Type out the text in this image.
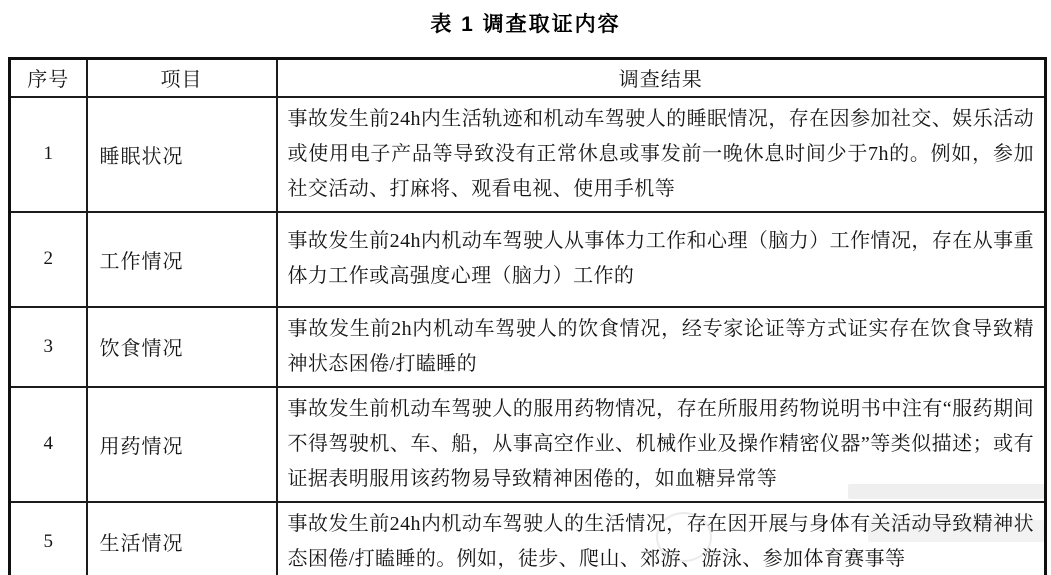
表 1 调查取证内容
序号	项目	调查结果
1	睡眠状况	事故发生前24h内生活轨迹和机动车驾驶人的睡眠情况，存在因参加社交、娱乐活动或使用电子产品等导致没有正常休息或事发前一晚休息时间少于7h的。例如，参加社交活动、打麻将、观看电视、使用手机等
2	工作情况	事故发生前24h内机动车驾驶人从事体力工作和心理（脑力）工作情况，存在从事重体力工作或高强度心理（脑力）工作的
3	饮食情况	事故发生前2h内机动车驾驶人的饮食情况，经专家论证等方式证实存在饮食导致精神状态困倦/打瞌睡的
4	用药情况	事故发生前机动车驾驶人的服用药物情况，存在所服用药物说明书中注有“服药期间不得驾驶机、车、船，从事高空作业、机械作业及操作精密仪器”等类似描述；或有证据表明服用该药物易导致精神困倦的，如血糖异常等
5	生活情况	事故发生前24h内机动车驾驶人的生活情况，存在因开展与身体有关活动导致精神状态困倦/打瞌睡的。例如，徒步、爬山、郊游、游泳、参加体育赛事等
